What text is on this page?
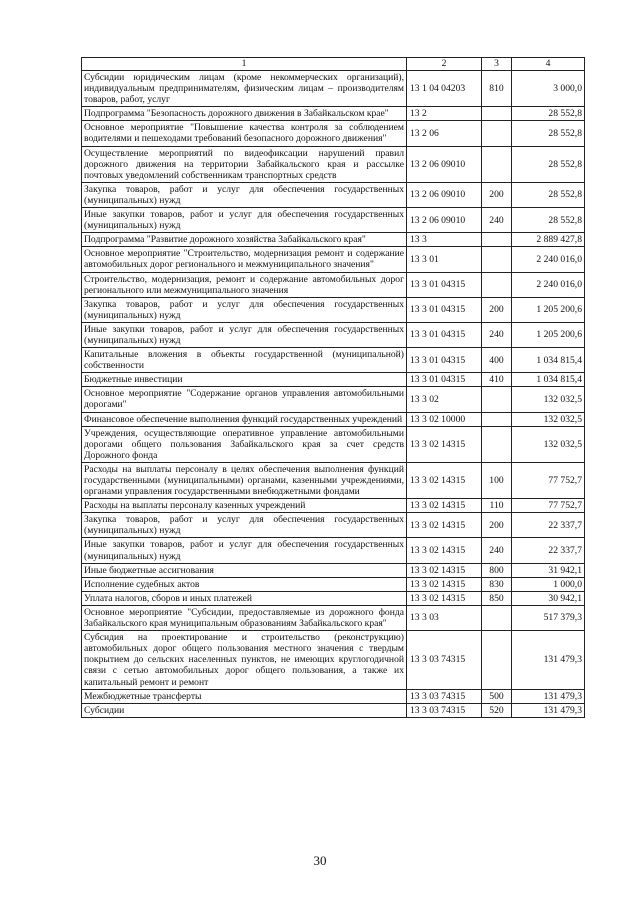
1	2	3	4
Субсидии юридическим лицам (кроме некоммерческих организаций), индивидуальным предпринимателям, физическим лицам – производителям товаров, работ, услуг	13 1 04 04203	810	3 000,0
Подпрограмма "Безопасность дорожного движения в Забайкальском крае"	13 2		28 552,8
Основное мероприятие "Повышение качества контроля за соблюдением водителями и пешеходами требований безопасного дорожного движения"	13 2 06		28 552,8
Осуществление мероприятий по видеофиксации нарушений правил дорожного движения на территории Забайкальского края и рассылке почтовых уведомлений собственникам транспортных средств	13 2 06 09010		28 552,8
Закупка товаров, работ и услуг для обеспечения государственных (муниципальных) нужд	13 2 06 09010	200	28 552,8
Иные закупки товаров, работ и услуг для обеспечения государственных (муниципальных) нужд	13 2 06 09010	240	28 552,8
Подпрограмма "Развитие дорожного хозяйства Забайкальского края"	13 3		2 889 427,8
Основное мероприятие "Строительство, модернизация ремонт и содержание автомобильных дорог регионального и межмуниципального значения"	13 3 01		2 240 016,0
Строительство, модернизация, ремонт и содержание автомобильных дорог регионального или межмуниципального значения	13 3 01 04315		2 240 016,0
Закупка товаров, работ и услуг для обеспечения государственных (муниципальных) нужд	13 3 01 04315	200	1 205 200,6
Иные закупки товаров, работ и услуг для обеспечения государственных (муниципальных) нужд	13 3 01 04315	240	1 205 200,6
Капитальные вложения в объекты государственной (муниципальной) собственности	13 3 01 04315	400	1 034 815,4
Бюджетные инвестиции	13 3 01 04315	410	1 034 815,4
Основное мероприятие "Содержание органов управления автомобильными дорогами"	13 3 02		132 032,5
Финансовое обеспечение выполнения функций государственных учреждений	13 3 02 10000		132 032,5
Учреждения, осуществляющие оперативное управление автомобильными дорогами общего пользования Забайкальского края за счет средств Дорожного фонда	13 3 02 14315		132 032,5
Расходы на выплаты персоналу в целях обеспечения выполнения функций государственными (муниципальными) органами, казенными учреждениями, органами управления государственными внебюджетными фондами	13 3 02 14315	100	77 752,7
Расходы на выплаты персоналу казенных учреждений	13 3 02 14315	110	77 752,7
Закупка товаров, работ и услуг для обеспечения государственных (муниципальных) нужд	13 3 02 14315	200	22 337,7
Иные закупки товаров, работ и услуг для обеспечения государственных (муниципальных) нужд	13 3 02 14315	240	22 337,7
Иные бюджетные ассигнования	13 3 02 14315	800	31 942,1
Исполнение судебных актов	13 3 02 14315	830	1 000,0
Уплата налогов, сборов и иных платежей	13 3 02 14315	850	30 942,1
Основное мероприятие "Субсидии, предоставляемые из дорожного фонда Забайкальского края муниципальным образованиям Забайкальского края"	13 3 03		517 379,3
Субсидия на проектирование и строительство (реконструкцию) автомобильных дорог общего пользования местного значения с твердым покрытием до сельских населенных пунктов, не имеющих круглогодичной связи с сетью автомобильных дорог общего пользования, а также их капитальный ремонт и ремонт	13 3 03 74315		131 479,3
Межбюджетные трансферты	13 3 03 74315	500	131 479,3
Субсидии	13 3 03 74315	520	131 479,3
30
